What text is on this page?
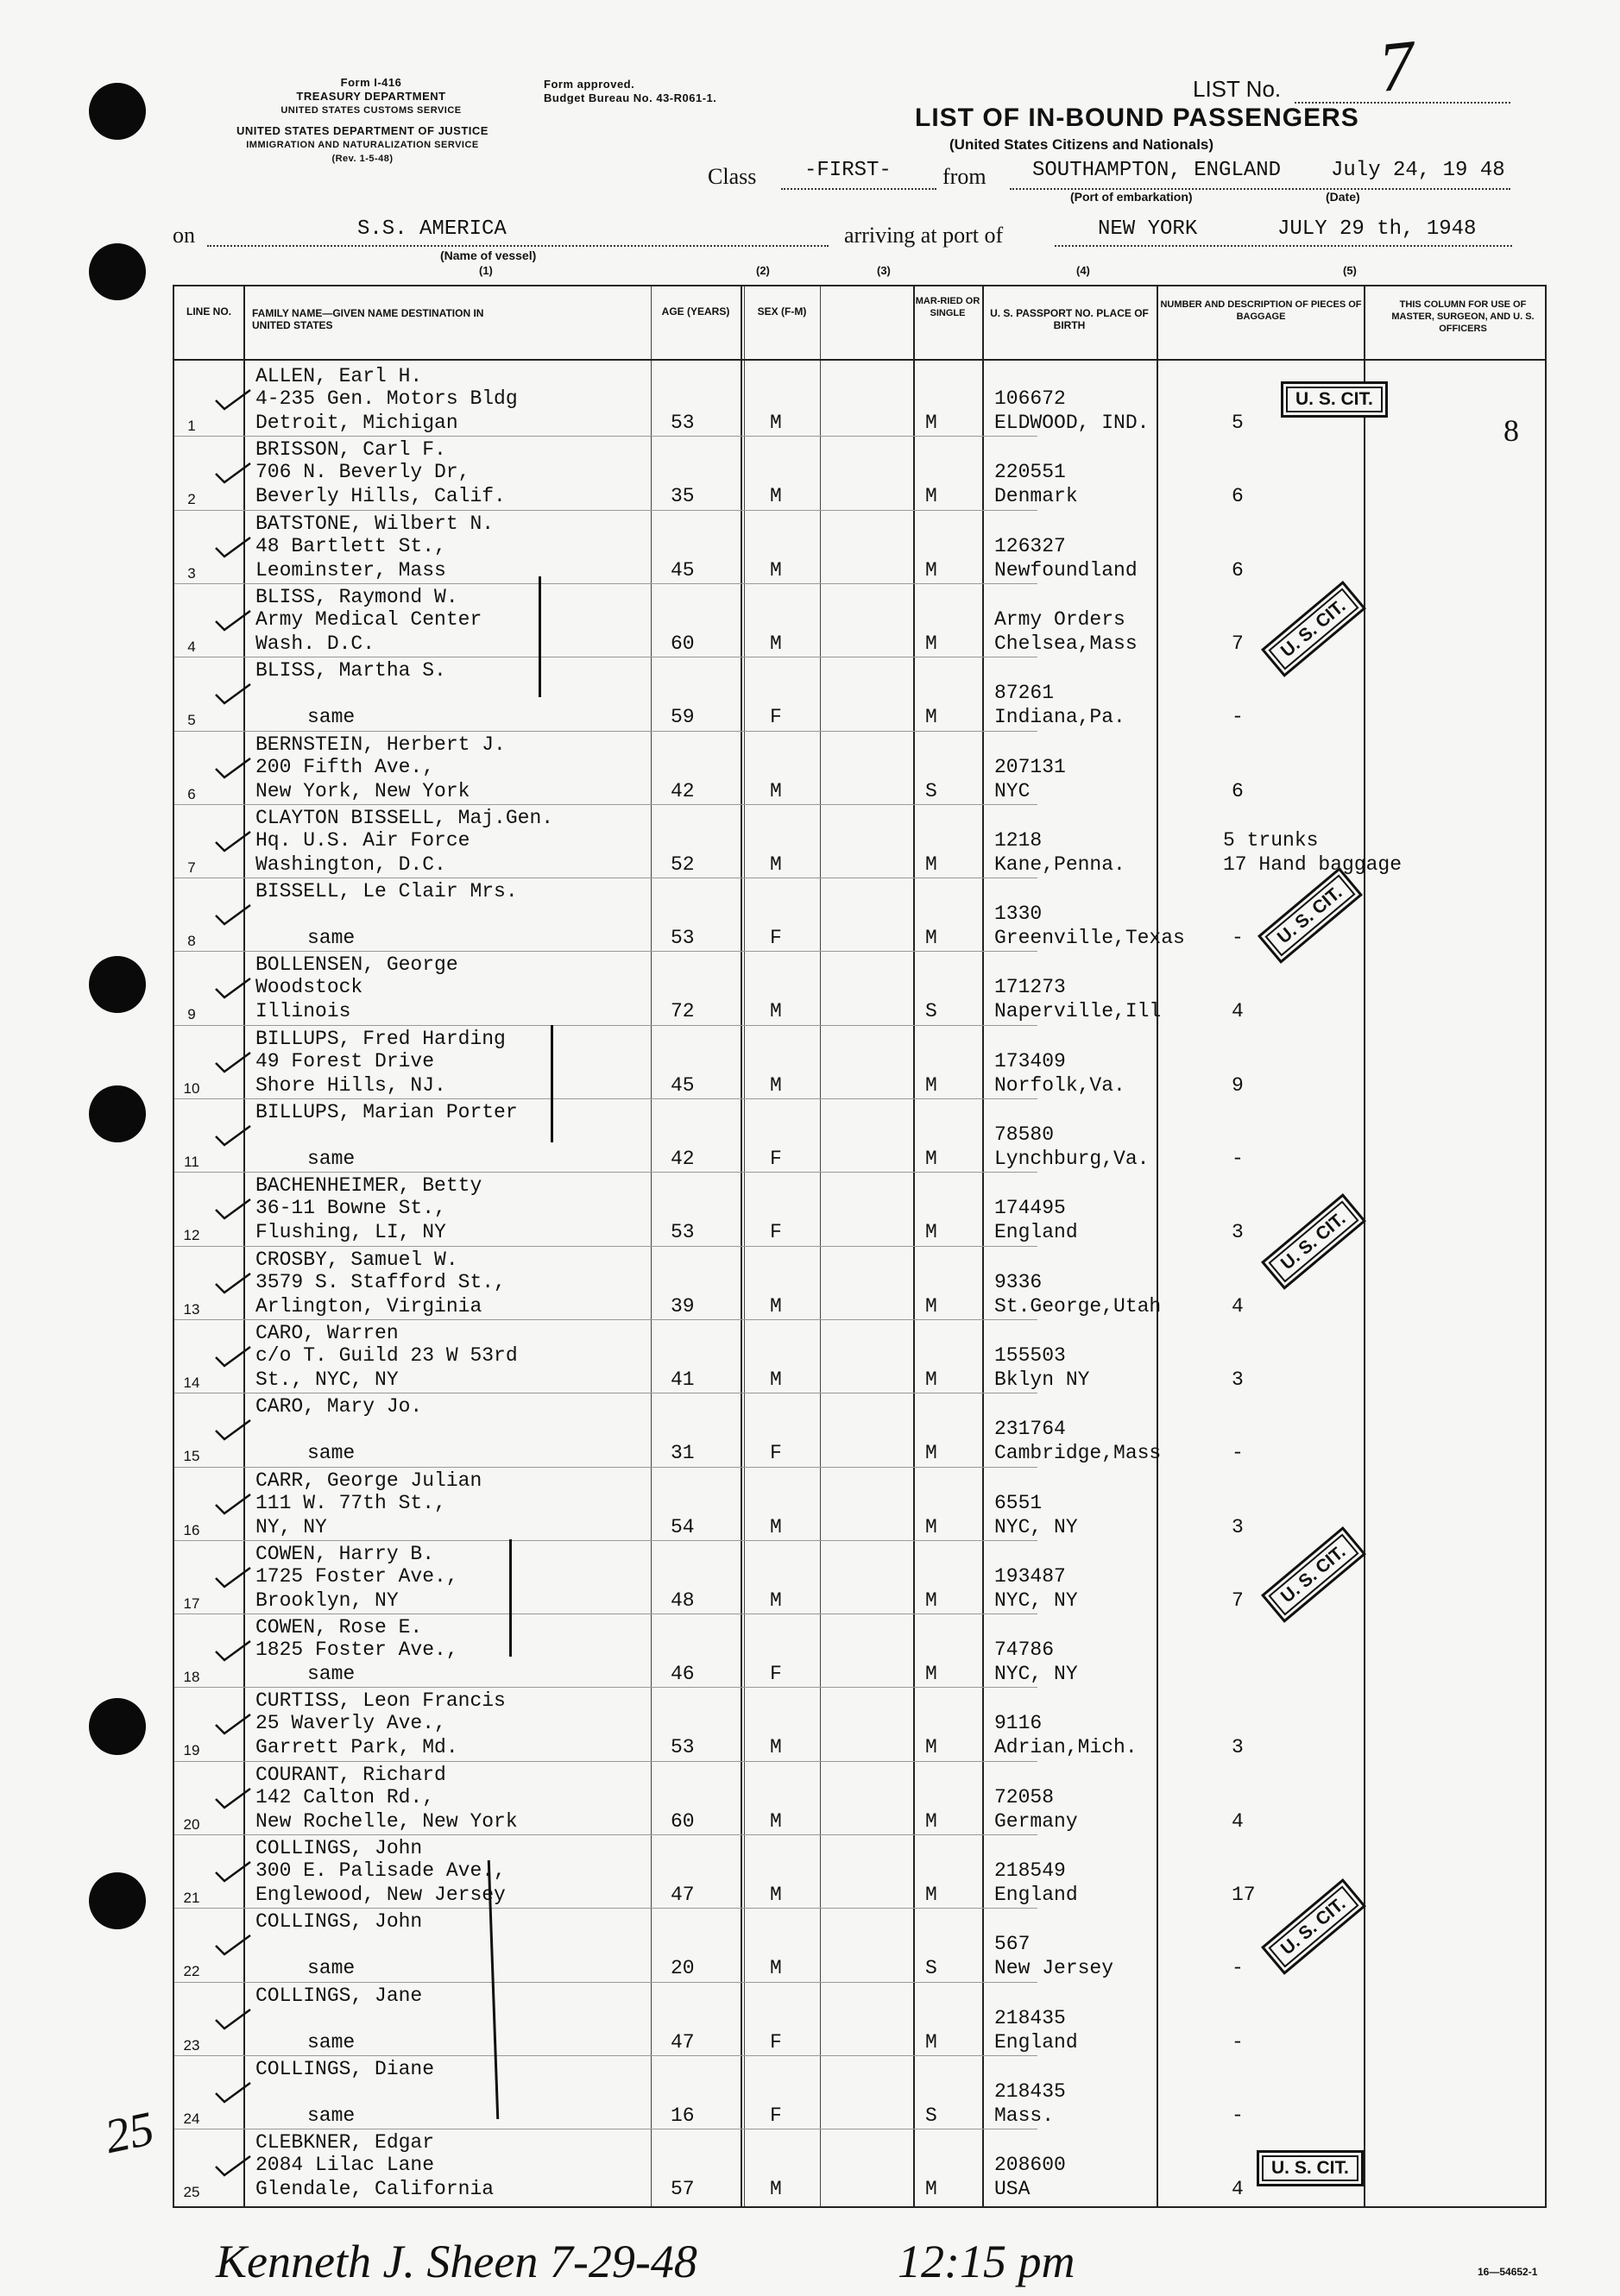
Form I-416
TREASURY DEPARTMENT
UNITED STATES CUSTOMS SERVICE
UNITED STATES DEPARTMENT OF JUSTICE
IMMIGRATION AND NATURALIZATION SERVICE
(Rev. 1-5-48)
Form approved.
Budget Bureau No. 43-R061-1.	LIST No. 7
LIST OF IN-BOUND PASSENGERS
(United States Citizens and Nationals)
Class -FIRST- from SOUTHAMPTON, ENGLAND
(Port of embarkation)
July 24, 19 48
(Date)
on	S.S. AMERICA
(Name of vessel)
arriving at port of	NEW YORK	JULY 29 th, 1948
(1)	(2)	(3)	(4)	(5)
LINE NO.	FAMILY NAME—GIVEN NAME DESTINATION IN UNITED STATES
AGE (YEARS)	SEX (F-M)
MAR-RIED OR SINGLE	U. S. PASSPORT NO. PLACE OF BIRTH
NUMBER AND DESCRIPTION OF PIECES OF BAGGAGE
THIS COLUMN FOR USE OF MASTER, SURGEON, AND U. S. OFFICERS
1
ALLEN, Earl H.
4-235 Gen. Motors Bldg
Detroit, Michigan	53	M	M
106672
ELDWOOD, IND.	5
2
BRISSON, Carl F.
706 N. Beverly Dr,
Beverly Hills, Calif.	35	M	M
220551
Denmark	6
3
BATSTONE, Wilbert N.
48 Bartlett St.,
Leominster, Mass	45	M	M
126327
Newfoundland	6
4
BLISS, Raymond W.
Army Medical Center
Wash. D.C.	60	M	M
Army Orders
Chelsea,Mass	7
5
BLISS, Martha S.
same	59	F	M
87261
Indiana,Pa.	-
6
BERNSTEIN, Herbert J.
200 Fifth Ave.,
New York, New York	42	M	S
207131
NYC	6
7
CLAYTON BISSELL, Maj.Gen.
Hq. U.S. Air Force
Washington, D.C.	52	M	M
1218
Kane,Penna.
5 trunks
17 Hand baggage
8
BISSELL, Le Clair Mrs.
same	53	F	M
1330
Greenville,Texas -
9
BOLLENSEN, George
Woodstock
Illinois	72	M	S
171273
Naperville,Ill	4
10
BILLUPS, Fred Harding
49 Forest Drive
Shore Hills, NJ.	45	M	M
173409
Norfolk,Va.	9
11
BILLUPS, Marian Porter
same	42	F	M
78580
Lynchburg,Va.	-
12
BACHENHEIMER, Betty
36-11 Bowne St.,
Flushing, LI, NY	53	F	M
174495
England	3
13
CROSBY, Samuel W.
3579 S. Stafford St.,
Arlington, Virginia	39	M	M
9336
St.George,Utah	4
14
CARO, Warren
c/o T. Guild 23 W 53rd
St., NYC, NY	41	M	M
155503
Bklyn NY	3
15
CARO, Mary Jo.
same	31	F	M
231764
Cambridge,Mass	-
16
CARR, George Julian
111 W. 77th St.,
NY, NY	54	M	M
6551
NYC, NY	3
17
COWEN, Harry B.
1725 Foster Ave.,
Brooklyn, NY	48	M	M
193487
NYC, NY	7
18
COWEN, Rose E.
1825 Foster Ave.,
same	46	F	M
74786
NYC, NY
19
CURTISS, Leon Francis
25 Waverly Ave.,
Garrett Park, Md.	53	M	M
9116
Adrian,Mich.	3
20
COURANT, Richard
142 Calton Rd.,
New Rochelle, New York	60	M	M
72058
Germany	4
21
COLLINGS, John
300 E. Palisade Ave.,
Englewood, New Jersey	47	M	M
218549
England	17
22
COLLINGS, John
same	20	M	S
567
New Jersey	-
23
COLLINGS, Jane
same	47	F	M
218435
England	-
24
COLLINGS, Diane
same	16	F	S
218435
Mass.	-
25
CLEBKNER, Edgar
2084 Lilac Lane
Glendale, California	57	M	M
208600
USA	4
U. S. CIT.
U. S. CIT.
U. S. CIT.
U. S. CIT.
U. S. CIT.
U. S. CIT.
U. S. CIT.
8
Kenneth J. Sheen 7-29-48	12:15 pm
25
16—54652-1
